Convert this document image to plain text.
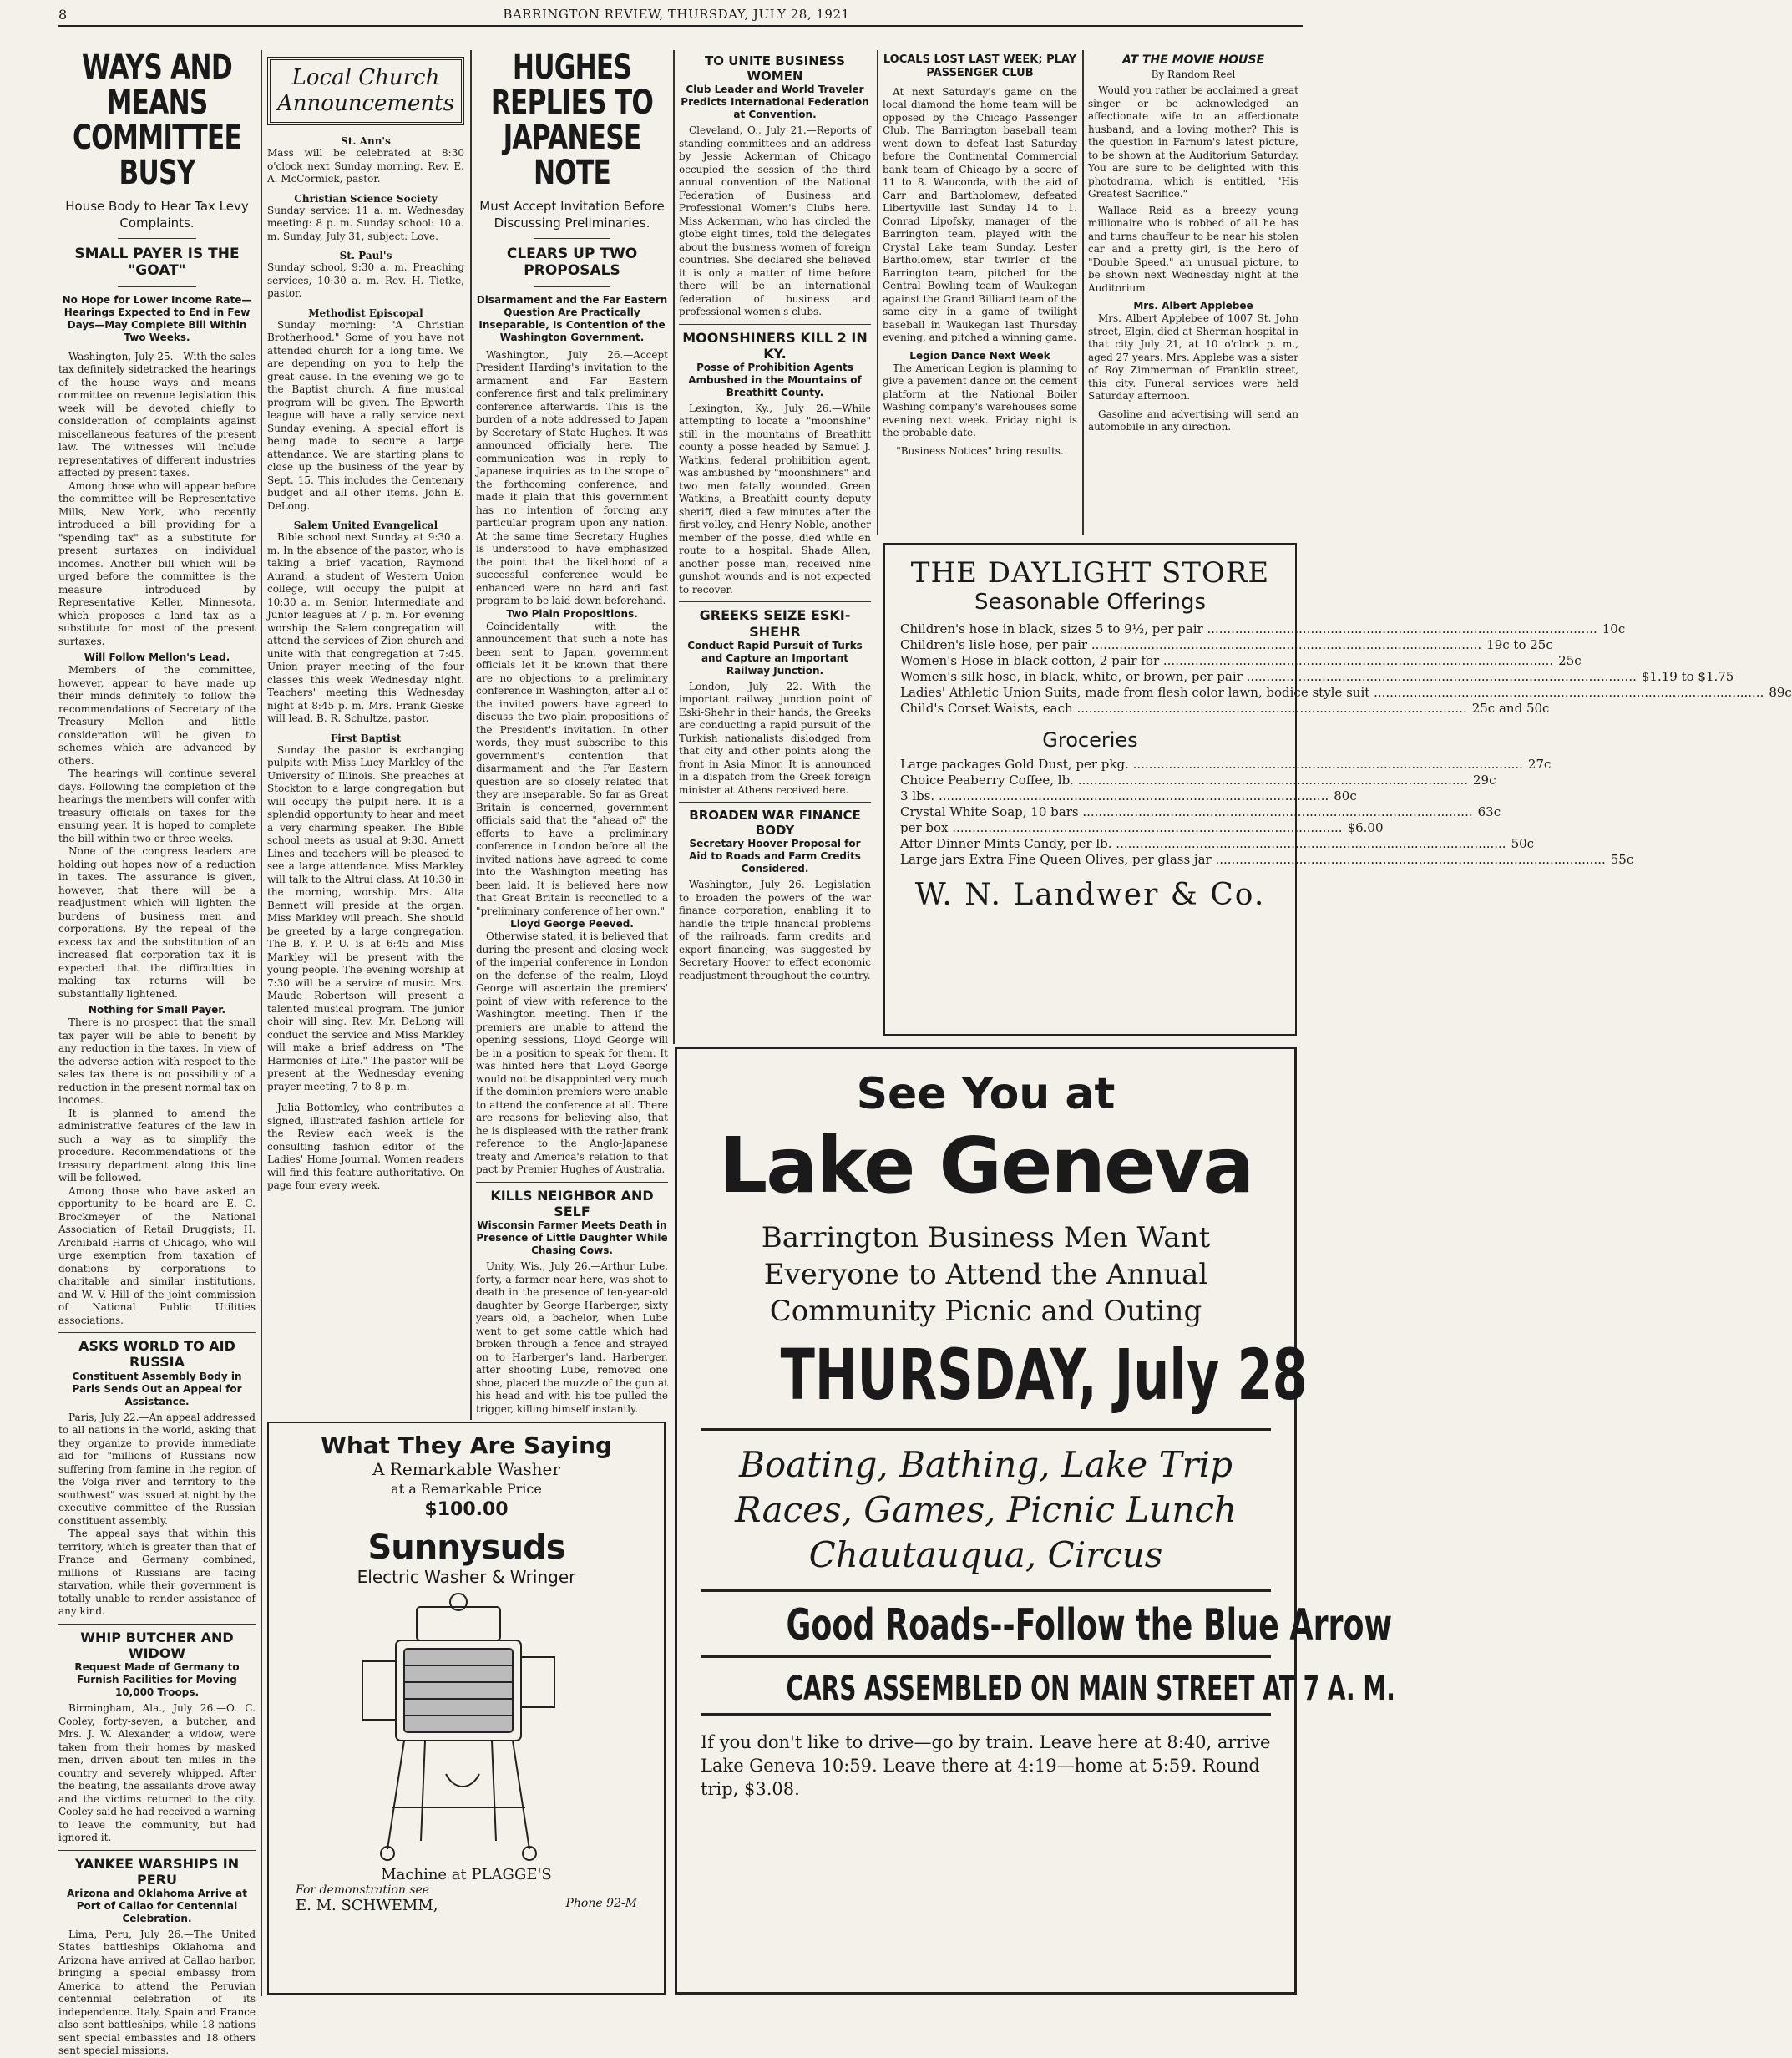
8	BARRINGTON REVIEW, THURSDAY, JULY 28, 1921
WAYS AND MEANS COMMITTEE BUSY
House Body to Hear Tax Levy Complaints.
SMALL PAYER IS THE "GOAT"
No Hope for Lower Income Rate—Hearings Expected to End in Few Days—May Complete Bill Within Two Weeks.
Washington, July 25.—With the sales tax definitely sidetracked the hearings of the house ways and means committee on revenue legislation this week will be devoted chiefly to consideration of complaints against miscellaneous features of the present law. The witnesses will include representatives of different industries affected by present taxes.
Among those who will appear before the committee will be Representative Mills, New York, who recently introduced a bill providing for a "spending tax" as a substitute for present surtaxes on individual incomes. Another bill which will be urged before the committee is the measure introduced by Representative Keller, Minnesota, which proposes a land tax as a substitute for most of the present surtaxes.
Will Follow Mellon's Lead.
Members of the committee, however, appear to have made up their minds definitely to follow the recommendations of Secretary of the Treasury Mellon and little consideration will be given to schemes which are advanced by others.
The hearings will continue several days. Following the completion of the hearings the members will confer with treasury officials on taxes for the ensuing year. It is hoped to complete the bill within two or three weeks.
None of the congress leaders are holding out hopes now of a reduction in taxes. The assurance is given, however, that there will be a readjustment which will lighten the burdens of business men and corporations. By the repeal of the excess tax and the substitution of an increased flat corporation tax it is expected that the difficulties in making tax returns will be substantially lightened.
Nothing for Small Payer.
There is no prospect that the small tax payer will be able to benefit by any reduction in the taxes. In view of the adverse action with respect to the sales tax there is no possibility of a reduction in the present normal tax on incomes.
It is planned to amend the administrative features of the law in such a way as to simplify the procedure. Recommendations of the treasury department along this line will be followed.
Among those who have asked an opportunity to be heard are E. C. Brockmeyer of the National Association of Retail Druggists; H. Archibald Harris of Chicago, who will urge exemption from taxation of donations by corporations to charitable and similar institutions, and W. V. Hill of the joint commission of National Public Utilities associations.
ASKS WORLD TO AID RUSSIA
Constituent Assembly Body in Paris Sends Out an Appeal for Assistance.
Paris, July 22.—An appeal addressed to all nations in the world, asking that they organize to provide immediate aid for "millions of Russians now suffering from famine in the region of the Volga river and territory to the southwest" was issued at night by the executive committee of the Russian constituent assembly.
The appeal says that within this territory, which is greater than that of France and Germany combined, millions of Russians are facing starvation, while their government is totally unable to render assistance of any kind.
WHIP BUTCHER AND WIDOW
Request Made of Germany to Furnish Facilities for Moving 10,000 Troops.
Birmingham, Ala., July 26.—O. C. Cooley, forty-seven, a butcher, and Mrs. J. W. Alexander, a widow, were taken from their homes by masked men, driven about ten miles in the country and severely whipped. After the beating, the assailants drove away and the victims returned to the city. Cooley said he had received a warning to leave the community, but had ignored it.
YANKEE WARSHIPS IN PERU
Arizona and Oklahoma Arrive at Port of Callao for Centennial Celebration.
Lima, Peru, July 26.—The United States battleships Oklahoma and Arizona have arrived at Callao harbor, bringing a special embassy from America to attend the Peruvian centennial celebration of its independence. Italy, Spain and France also sent battleships, while 18 nations sent special embassies and 18 others sent special missions.
Local Church Announcements
St. Ann's
Mass will be celebrated at 8:30 o'clock next Sunday morning. Rev. E. A. McCormick, pastor.
Christian Science Society
Sunday service: 11 a. m. Wednesday meeting: 8 p. m. Sunday school: 10 a. m. Sunday, July 31, subject: Love.
St. Paul's
Sunday school, 9:30 a. m. Preaching services, 10:30 a. m. Rev. H. Tietke, pastor.
Methodist Episcopal
Sunday morning: "A Christian Brotherhood." Some of you have not attended church for a long time. We are depending on you to help the great cause. In the evening we go to the Baptist church. A fine musical program will be given. The Epworth league will have a rally service next Sunday evening. A special effort is being made to secure a large attendance. We are starting plans to close up the business of the year by Sept. 15. This includes the Centenary budget and all other items. John E. DeLong.
Salem United Evangelical
Bible school next Sunday at 9:30 a. m. In the absence of the pastor, who is taking a brief vacation, Raymond Aurand, a student of Western Union college, will occupy the pulpit at 10:30 a. m. Senior, Intermediate and Junior leagues at 7 p. m. For evening worship the Salem congregation will attend the services of Zion church and unite with that congregation at 7:45. Union prayer meeting of the four classes this week Wednesday night. Teachers' meeting this Wednesday night at 8:45 p. m. Mrs. Frank Gieske will lead. B. R. Schultze, pastor.
First Baptist
Sunday the pastor is exchanging pulpits with Miss Lucy Markley of the University of Illinois. She preaches at Stockton to a large congregation but will occupy the pulpit here. It is a splendid opportunity to hear and meet a very charming speaker. The Bible school meets as usual at 9:30. Arnett Lines and teachers will be pleased to see a large attendance. Miss Markley will talk to the Altrui class. At 10:30 in the morning, worship. Mrs. Alta Bennett will preside at the organ. Miss Markley will preach. She should be greeted by a large congregation. The B. Y. P. U. is at 6:45 and Miss Markley will be present with the young people. The evening worship at 7:30 will be a service of music. Mrs. Maude Robertson will present a talented musical program. The junior choir will sing. Rev. Mr. DeLong will conduct the service and Miss Markley will make a brief address on "The Harmonies of Life." The pastor will be present at the Wednesday evening prayer meeting, 7 to 8 p. m.
Julia Bottomley, who contributes a signed, illustrated fashion article for the Review each week is the consulting fashion editor of the Ladies' Home Journal. Women readers will find this feature authoritative. On page four every week.
HUGHES REPLIES TO JAPANESE NOTE
Must Accept Invitation Before Discussing Preliminaries.
CLEARS UP TWO PROPOSALS
Disarmament and the Far Eastern Question Are Practically Inseparable, Is Contention of the Washington Government.
Washington, July 26.—Accept President Harding's invitation to the armament and Far Eastern conference first and talk preliminary conference afterwards. This is the burden of a note addressed to Japan by Secretary of State Hughes. It was announced officially here. The communication was in reply to Japanese inquiries as to the scope of the forthcoming conference, and made it plain that this government has no intention of forcing any particular program upon any nation. At the same time Secretary Hughes is understood to have emphasized the point that the likelihood of a successful conference would be enhanced were no hard and fast program to be laid down beforehand.
Two Plain Propositions.
Coincidentally with the announcement that such a note has been sent to Japan, government officials let it be known that there are no objections to a preliminary conference in Washington, after all of the invited powers have agreed to discuss the two plain propositions of the President's invitation. In other words, they must subscribe to this government's contention that disarmament and the Far Eastern question are so closely related that they are inseparable. So far as Great Britain is concerned, government officials said that the "ahead of" the efforts to have a preliminary conference in London before all the invited nations have agreed to come into the Washington meeting has been laid. It is believed here now that Great Britain is reconciled to a "preliminary conference of her own."
Lloyd George Peeved.
Otherwise stated, it is believed that during the present and closing week of the imperial conference in London on the defense of the realm, Lloyd George will ascertain the premiers' point of view with reference to the Washington meeting. Then if the premiers are unable to attend the opening sessions, Lloyd George will be in a position to speak for them. It was hinted here that Lloyd George would not be disappointed very much if the dominion premiers were unable to attend the conference at all. There are reasons for believing also, that he is displeased with the rather frank reference to the Anglo-Japanese treaty and America's relation to that pact by Premier Hughes of Australia.
KILLS NEIGHBOR AND SELF
Wisconsin Farmer Meets Death in Presence of Little Daughter While Chasing Cows.
Unity, Wis., July 26.—Arthur Lube, forty, a farmer near here, was shot to death in the presence of ten-year-old daughter by George Harberger, sixty years old, a bachelor, when Lube went to get some cattle which had broken through a fence and strayed on to Harberger's land. Harberger, after shooting Lube, removed one shoe, placed the muzzle of the gun at his head and with his toe pulled the trigger, killing himself instantly.
TO UNITE BUSINESS WOMEN
Club Leader and World Traveler Predicts International Federation at Convention.
Cleveland, O., July 21.—Reports of standing committees and an address by Jessie Ackerman of Chicago occupied the session of the third annual convention of the National Federation of Business and Professional Women's Clubs here. Miss Ackerman, who has circled the globe eight times, told the delegates about the business women of foreign countries. She declared she believed it is only a matter of time before there will be an international federation of business and professional women's clubs.
MOONSHINERS KILL 2 IN KY.
Posse of Prohibition Agents Ambushed in the Mountains of Breathitt County.
Lexington, Ky., July 26.—While attempting to locate a "moonshine" still in the mountains of Breathitt county a posse headed by Samuel J. Watkins, federal prohibition agent, was ambushed by "moonshiners" and two men fatally wounded. Green Watkins, a Breathitt county deputy sheriff, died a few minutes after the first volley, and Henry Noble, another member of the posse, died while en route to a hospital. Shade Allen, another posse man, received nine gunshot wounds and is not expected to recover.
GREEKS SEIZE ESKI-SHEHR
Conduct Rapid Pursuit of Turks and Capture an Important Railway Junction.
London, July 22.—With the important railway junction point of Eski-Shehr in their hands, the Greeks are conducting a rapid pursuit of the Turkish nationalists dislodged from that city and other points along the front in Asia Minor. It is announced in a dispatch from the Greek foreign minister at Athens received here.
BROADEN WAR FINANCE BODY
Secretary Hoover Proposal for Aid to Roads and Farm Credits Considered.
Washington, July 26.—Legislation to broaden the powers of the war finance corporation, enabling it to handle the triple financial problems of the railroads, farm credits and export financing, was suggested by Secretary Hoover to effect economic readjustment throughout the country.
LOCALS LOST LAST WEEK; PLAY PASSENGER CLUB
At next Saturday's game on the local diamond the home team will be opposed by the Chicago Passenger Club. The Barrington baseball team went down to defeat last Saturday before the Continental Commercial bank team of Chicago by a score of 11 to 8. Wauconda, with the aid of Carr and Bartholomew, defeated Libertyville last Sunday 14 to 1. Conrad Lipofsky, manager of the Barrington team, played with the Crystal Lake team Sunday. Lester Bartholomew, star twirler of the Barrington team, pitched for the Central Bowling team of Waukegan against the Grand Billiard team of the same city in a game of twilight baseball in Waukegan last Thursday evening, and pitched a winning game.
Legion Dance Next Week
The American Legion is planning to give a pavement dance on the cement platform at the National Boiler Washing company's warehouses some evening next week. Friday night is the probable date.
"Business Notices" bring results.
AT THE MOVIE HOUSE
By Random Reel
Would you rather be acclaimed a great singer or be acknowledged an affectionate wife to an affectionate husband, and a loving mother? This is the question in Farnum's latest picture, to be shown at the Auditorium Saturday. You are sure to be delighted with this photodrama, which is entitled, "His Greatest Sacrifice."
Wallace Reid as a breezy young millionaire who is robbed of all he has and turns chauffeur to be near his stolen car and a pretty girl, is the hero of "Double Speed," an unusual picture, to be shown next Wednesday night at the Auditorium.
Mrs. Albert Applebee
Mrs. Albert Applebee of 1007 St. John street, Elgin, died at Sherman hospital in that city July 21, at 10 o'clock p. m., aged 27 years. Mrs. Applebe was a sister of Roy Zimmerman of Franklin street, this city. Funeral services were held Saturday afternoon.
Gasoline and advertising will send an automobile in any direction.
THE DAYLIGHT STORE
Seasonable Offerings
Children's hose in black, sizes 5 to 9½, per pair .....	10c
Children's lisle hose, per pair .....	19c to 25c
Women's Hose in black cotton, 2 pair for .....	25c
Women's silk hose, in black, white, or brown, per pair .....	$1.19 to $1.75
Ladies' Athletic Union Suits, made from flesh color lawn, bodice style suit .....	89c
Child's Corset Waists, each .....	25c and 50c
Groceries
Large packages Gold Dust, per pkg. .....	27c
Choice Peaberry Coffee, lb. .....	29c
3 lbs. .....	80c
Crystal White Soap, 10 bars .....	63c
per box .....	$6.00
After Dinner Mints Candy, per lb. .....	50c
Large jars Extra Fine Queen Olives, per glass jar .....	55c
W. N. Landwer & Co.
See You at
Lake Geneva
Barrington Business Men Want
Everyone to Attend the Annual
Community Picnic and Outing
THURSDAY, July 28
Boating, Bathing, Lake Trip
Races, Games, Picnic Lunch
Chautauqua, Circus
Good Roads--Follow the Blue Arrow
CARS ASSEMBLED ON MAIN STREET AT 7 A. M.
If you don't like to drive—go by train. Leave here at 8:40, arrive Lake Geneva 10:59. Leave there at 4:19—home at 5:59. Round trip, $3.08.
What They Are Saying
A Remarkable Washer
at a Remarkable Price
$100.00
Sunnysuds
Electric Washer & Wringer
Machine at PLAGGE'S
For demonstration see
E. M. SCHWEMM,	Phone 92-M
